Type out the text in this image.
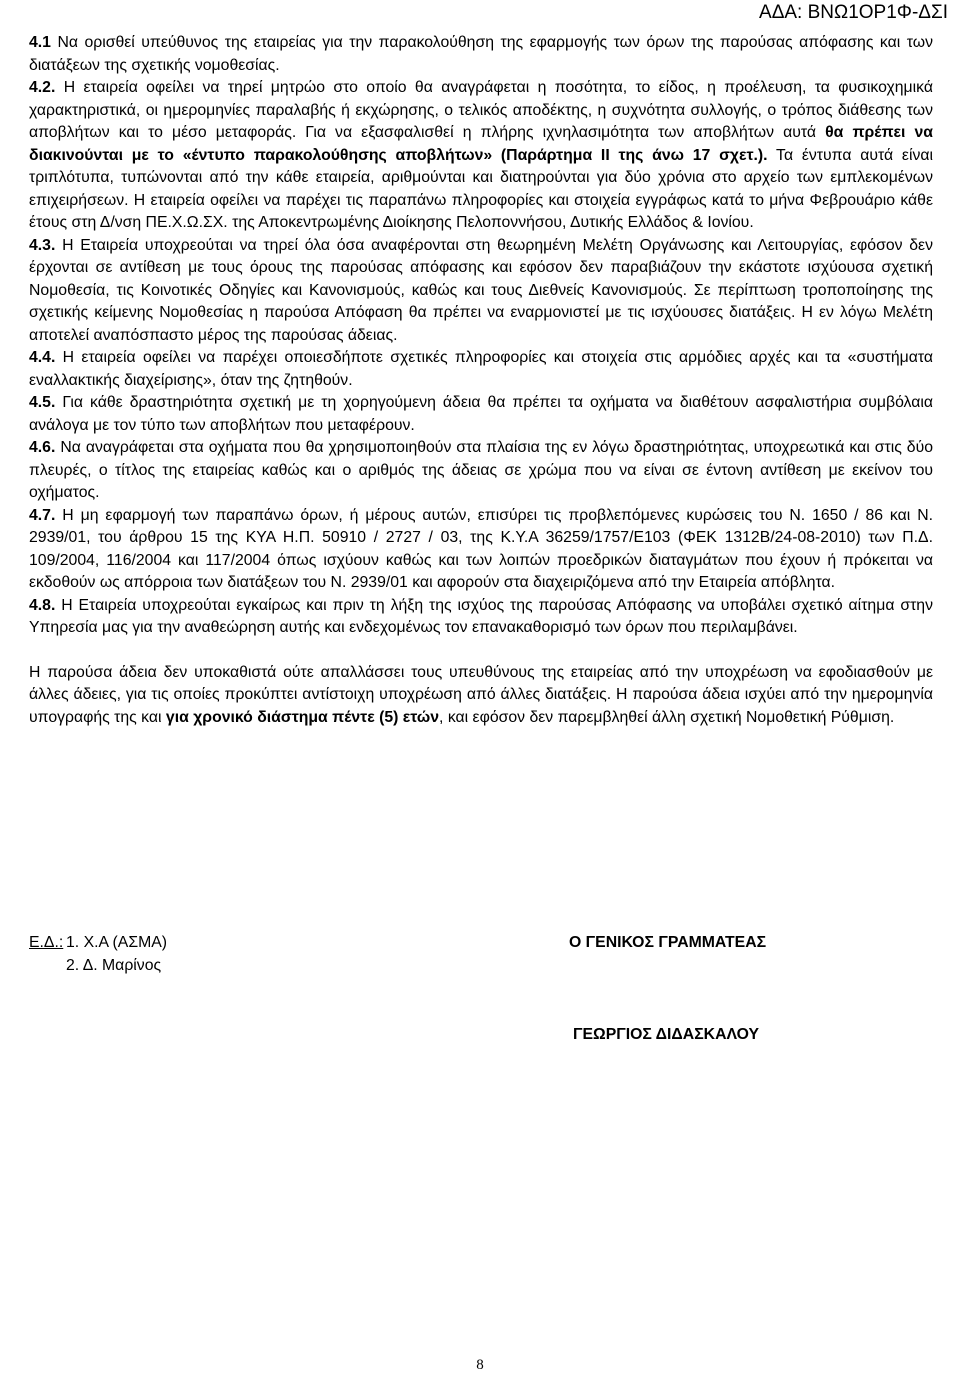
ΑΔΑ: ΒΝΩ1ΟΡ1Φ-ΔΣΙ

4.1 Να ορισθεί υπεύθυνος της εταιρείας για την παρακολούθηση της εφαρμογής των όρων της παρούσας απόφασης και των διατάξεων της σχετικής νομοθεσίας.

4.2. Η εταιρεία οφείλει να τηρεί μητρώο στο οποίο θα αναγράφεται η ποσότητα, το είδος, η προέλευση, τα φυσικοχημικά χαρακτηριστικά, οι ημερομηνίες παραλαβής ή εκχώρησης, ο τελικός αποδέκτης, η συχνότητα συλλογής, ο τρόπος διάθεσης των αποβλήτων και το μέσο μεταφοράς. Για να εξασφαλισθεί η πλήρης ιχνηλασιμότητα των αποβλήτων αυτά θα πρέπει να διακινούνται με το «έντυπο παρακολούθησης αποβλήτων» (Παράρτημα ΙΙ της άνω 17 σχετ.). Τα έντυπα αυτά είναι τριπλότυπα, τυπώνονται από την κάθε εταιρεία, αριθμούνται και διατηρούνται για δύο χρόνια στο αρχείο των εμπλεκομένων επιχειρήσεων. Η εταιρεία οφείλει να παρέχει τις παραπάνω πληροφορίες και στοιχεία εγγράφως κατά το μήνα Φεβρουάριο κάθε έτους στη Δ/νση ΠΕ.Χ.Ω.ΣΧ. της Αποκεντρωμένης Διοίκησης Πελοποννήσου, Δυτικής Ελλάδος & Ιονίου.

4.3. Η Εταιρεία υποχρεούται να τηρεί όλα όσα αναφέρονται στη θεωρημένη Μελέτη Οργάνωσης και Λειτουργίας, εφόσον δεν έρχονται σε αντίθεση με τους όρους της παρούσας απόφασης και εφόσον δεν παραβιάζουν την εκάστοτε ισχύουσα σχετική Νομοθεσία, τις Κοινοτικές Οδηγίες και Κανονισμούς, καθώς και τους Διεθνείς Κανονισμούς. Σε περίπτωση τροποποίησης της σχετικής κείμενης Νομοθεσίας η παρούσα Απόφαση θα πρέπει να εναρμονιστεί με τις ισχύουσες διατάξεις. Η εν λόγω Μελέτη αποτελεί αναπόσπαστο μέρος της παρούσας άδειας.

4.4. Η εταιρεία οφείλει να παρέχει οποιεσδήποτε σχετικές πληροφορίες και στοιχεία στις αρμόδιες αρχές και τα «συστήματα εναλλακτικής διαχείρισης», όταν της ζητηθούν.

4.5. Για κάθε δραστηριότητα σχετική με τη χορηγούμενη άδεια θα πρέπει τα οχήματα να διαθέτουν ασφαλιστήρια συμβόλαια ανάλογα με τον τύπο των αποβλήτων που μεταφέρουν.

4.6. Να αναγράφεται στα οχήματα που θα χρησιμοποιηθούν στα πλαίσια της εν λόγω δραστηριότητας, υποχρεωτικά και στις δύο πλευρές, ο τίτλος της εταιρείας καθώς και ο αριθμός της άδειας σε χρώμα που να είναι σε έντονη αντίθεση με εκείνον του οχήματος.

4.7. Η μη εφαρμογή των παραπάνω όρων, ή μέρους αυτών, επισύρει τις προβλεπόμενες κυρώσεις του Ν. 1650 / 86 και Ν. 2939/01, του άρθρου 15 της ΚΥΑ Η.Π. 50910 / 2727 / 03, της Κ.Υ.Α 36259/1757/Ε103 (ΦΕΚ 1312Β/24-08-2010) των Π.Δ. 109/2004, 116/2004 και 117/2004 όπως ισχύουν καθώς και των λοιπών προεδρικών διαταγμάτων που έχουν ή πρόκειται να εκδοθούν ως απόρροια των διατάξεων του Ν. 2939/01 και αφορούν στα διαχειριζόμενα από την Εταιρεία απόβλητα.

4.8. Η Εταιρεία υποχρεούται εγκαίρως και πριν τη λήξη της ισχύος της παρούσας Απόφασης να υποβάλει σχετικό αίτημα στην Υπηρεσία μας για την αναθεώρηση αυτής και ενδεχομένως τον επανακαθορισμό των όρων που περιλαμβάνει.

Η παρούσα άδεια δεν υποκαθιστά ούτε απαλλάσσει τους υπευθύνους της εταιρείας από την υποχρέωση να εφοδιασθούν με άλλες άδειες, για τις οποίες προκύπτει αντίστοιχη υποχρέωση από άλλες διατάξεις. Η παρούσα άδεια ισχύει από την ημερομηνία υπογραφής της και για χρονικό διάστημα πέντε (5) ετών, και εφόσον δεν παρεμβληθεί άλλη σχετική Νομοθετική Ρύθμιση.

Ε.Δ.: 1. Χ.Α (ΑΣΜΑ)
2. Δ. Μαρίνος
Ο ΓΕΝΙΚΟΣ ΓΡΑΜΜΑΤΕΑΣ
ΓΕΩΡΓΙΟΣ ΔΙΔΑΣΚΑΛΟΥ
8
